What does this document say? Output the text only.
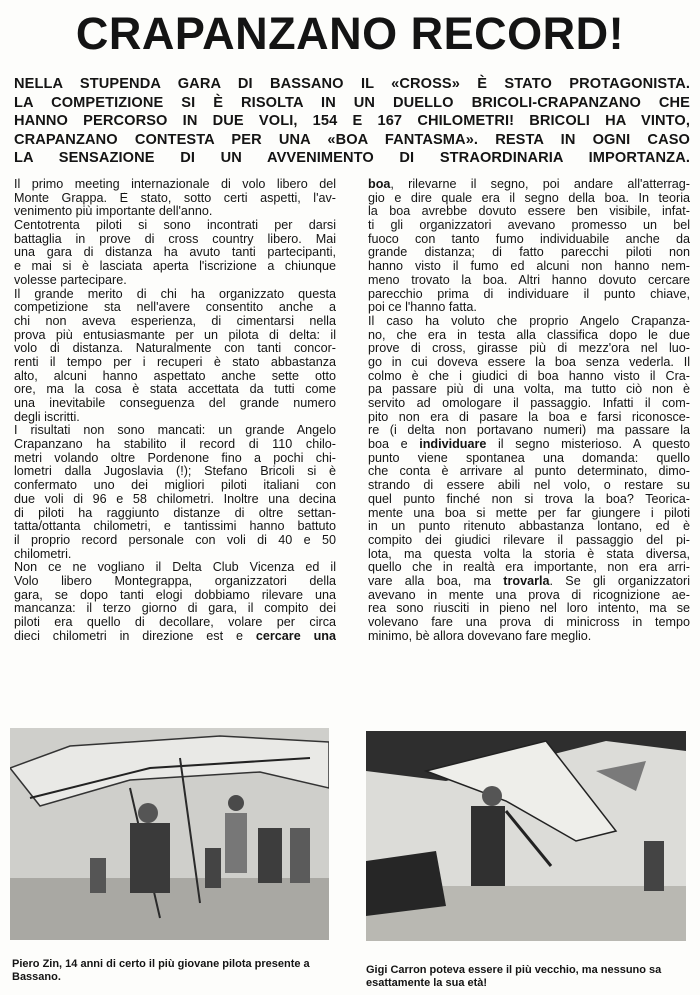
CRAPANZANO RECORD!
NELLA STUPENDA GARA DI BASSANO IL «CROSS» È STATO PROTAGONISTA.
LA COMPETIZIONE SI È RISOLTA IN UN DUELLO BRICOLI-CRAPANZANO CHE
HANNO PERCORSO IN DUE VOLI, 154 E 167 CHILOMETRI! BRICOLI HA VINTO,
CRAPANZANO CONTESTA PER UNA «BOA FANTASMA». RESTA IN OGNI CASO
LA SENSAZIONE DI UN AVVENIMENTO DI STRAORDINARIA IMPORTANZA.
Il primo meeting internazionale di volo libero del
Monte Grappa. È stato, sotto certi aspetti, l'av-
venimento più importante dell'anno.
Centotrenta piloti si sono incontrati per darsi
battaglia in prove di cross country libero. Mai
una gara di distanza ha avuto tanti partecipanti,
e mai si è lasciata aperta l'iscrizione a chiunque
volesse partecipare.
Il grande merito di chi ha organizzato questa
competizione sta nell'avere consentito anche a
chi non aveva esperienza, di cimentarsi nella
prova più entusiasmante per un pilota di delta: il
volo di distanza. Naturalmente con tanti concor-
renti il tempo per i recuperi è stato abbastanza
alto, alcuni hanno aspettato anche sette otto
ore, ma la cosa è stata accettata da tutti come
una inevitabile conseguenza del grande numero
degli iscritti.
I risultati non sono mancati: un grande Angelo
Crapanzano ha stabilito il record di 110 chilo-
metri volando oltre Pordenone fino a pochi chi-
lometri dalla Jugoslavia (!); Stefano Bricoli si è
confermato uno dei migliori piloti italiani con
due voli di 96 e 58 chilometri. Inoltre una decina
di piloti ha raggiunto distanze di oltre settan-
tatta/ottanta chilometri, e tantissimi hanno battuto
il proprio record personale con voli di 40 e 50
chilometri.
Non ce ne vogliano il Delta Club Vicenza ed il
Volo libero Montegrappa, organizzatori della
gara, se dopo tanti elogi dobbiamo rilevare una
mancanza: il terzo giorno di gara, il compito dei
piloti era quello di decollare, volare per circa
dieci chilometri in direzione est e cercare una
boa, rilevarne il segno, poi andare all'atterrag-
gio e dire quale era il segno della boa. In teoria
la boa avrebbe dovuto essere ben visibile, infat-
ti gli organizzatori avevano promesso un bel
fuoco con tanto fumo individuabile anche da
grande distanza; di fatto parecchi piloti non
hanno visto il fumo ed alcuni non hanno nem-
meno trovato la boa. Altri hanno dovuto cercare
parecchio prima di individuare il punto chiave,
poi ce l'hanno fatta.
Il caso ha voluto che proprio Angelo Crapanza-
no, che era in testa alla classifica dopo le due
prove di cross, girasse più di mezz'ora nel luo-
go in cui doveva essere la boa senza vederla. Il
colmo è che i giudici di boa hanno visto il Cra-
pa passare più di una volta, ma tutto ciò non è
servito ad omologare il passaggio. Infatti il com-
pito non era di pasare la boa e farsi riconosce-
re (i delta non portavano numeri) ma passare la
boa e individuare il segno misterioso. A questo
punto viene spontanea una domanda: quello
che conta è arrivare al punto determinato, dimo-
strando di essere abili nel volo, o restare su
quel punto finché non si trova la boa? Teorica-
mente una boa si mette per far giungere i piloti
in un punto ritenuto abbastanza lontano, ed è
compito dei giudici rilevare il passaggio del pi-
lota, ma questa volta la storia è stata diversa,
quello che in realtà era importante, non era arri-
vare alla boa, ma trovarla. Se gli organizzatori
avevano in mente una prova di ricognizione ae-
rea sono riusciti in pieno nel loro intento, ma se
volevano fare una prova di minicross in tempo
minimo, bè allora dovevano fare meglio.
Piero Zin, 14 anni di certo il più giovane pilota presente a Bassano.
Gigi Carron poteva essere il più vecchio, ma nessuno sa esattamente la sua età!
